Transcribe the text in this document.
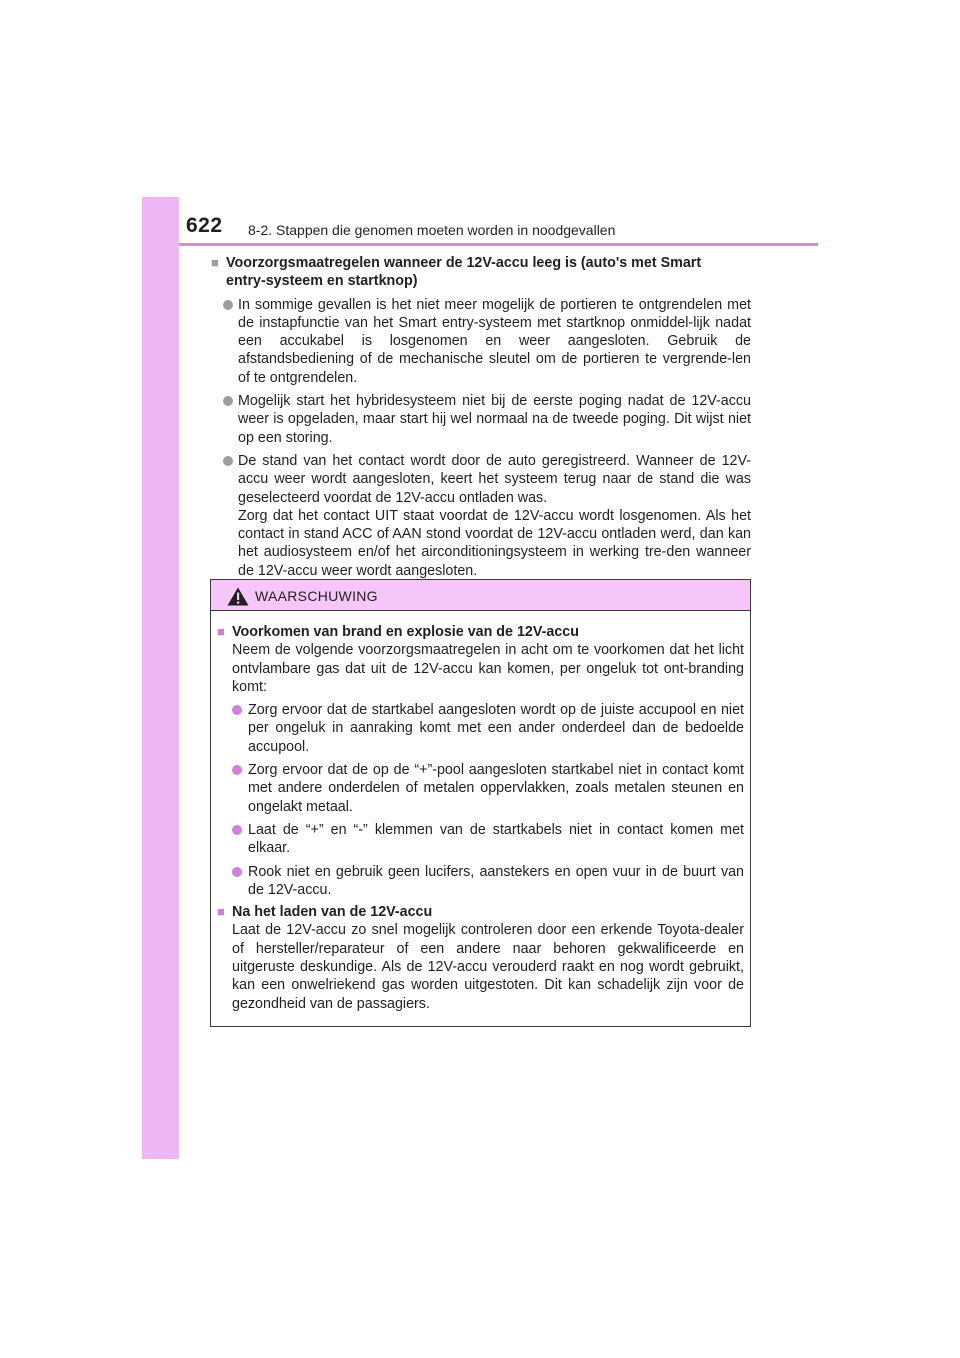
622 8-2. Stappen die genomen moeten worden in noodgevallen
■ Voorzorgsmaatregelen wanneer de 12V-accu leeg is (auto's met Smart
entry-systeem en startknop)
In sommige gevallen is het niet meer mogelijk de portieren te ontgrendelen met de instapfunctie van het Smart entry-systeem met startknop onmiddel-lijk nadat een accukabel is losgenomen en weer aangesloten. Gebruik de afstandsbediening of de mechanische sleutel om de portieren te vergrende-len of te ontgrendelen.
Mogelijk start het hybridesysteem niet bij de eerste poging nadat de 12V-accu weer is opgeladen, maar start hij wel normaal na de tweede poging. Dit wijst niet op een storing.
De stand van het contact wordt door de auto geregistreerd. Wanneer de 12V-accu weer wordt aangesloten, keert het systeem terug naar de stand die was geselecteerd voordat de 12V-accu ontladen was.
Zorg dat het contact UIT staat voordat de 12V-accu wordt losgenomen. Als het contact in stand ACC of AAN stond voordat de 12V-accu ontladen werd, dan kan het audiosysteem en/of het airconditioningsysteem in werking tre-den wanneer de 12V-accu weer wordt aangesloten.
WAARSCHUWING
■ Voorkomen van brand en explosie van de 12V-accu
Neem de volgende voorzorgsmaatregelen in acht om te voorkomen dat het licht ontvlambare gas dat uit de 12V-accu kan komen, per ongeluk tot ont-branding komt:
Zorg ervoor dat de startkabel aangesloten wordt op de juiste accupool en niet per ongeluk in aanraking komt met een ander onderdeel dan de bedoelde accupool.
Zorg ervoor dat de op de “+”-pool aangesloten startkabel niet in contact komt met andere onderdelen of metalen oppervlakken, zoals metalen steunen en ongelakt metaal.
Laat de “+” en “-” klemmen van de startkabels niet in contact komen met elkaar.
Rook niet en gebruik geen lucifers, aanstekers en open vuur in de buurt van de 12V-accu.
■ Na het laden van de 12V-accu
Laat de 12V-accu zo snel mogelijk controleren door een erkende Toyota-dealer of hersteller/reparateur of een andere naar behoren gekwalificeerde en uitgeruste deskundige. Als de 12V-accu verouderd raakt en nog wordt gebruikt, kan een onwelriekend gas worden uitgestoten. Dit kan schadelijk zijn voor de gezondheid van de passagiers.
